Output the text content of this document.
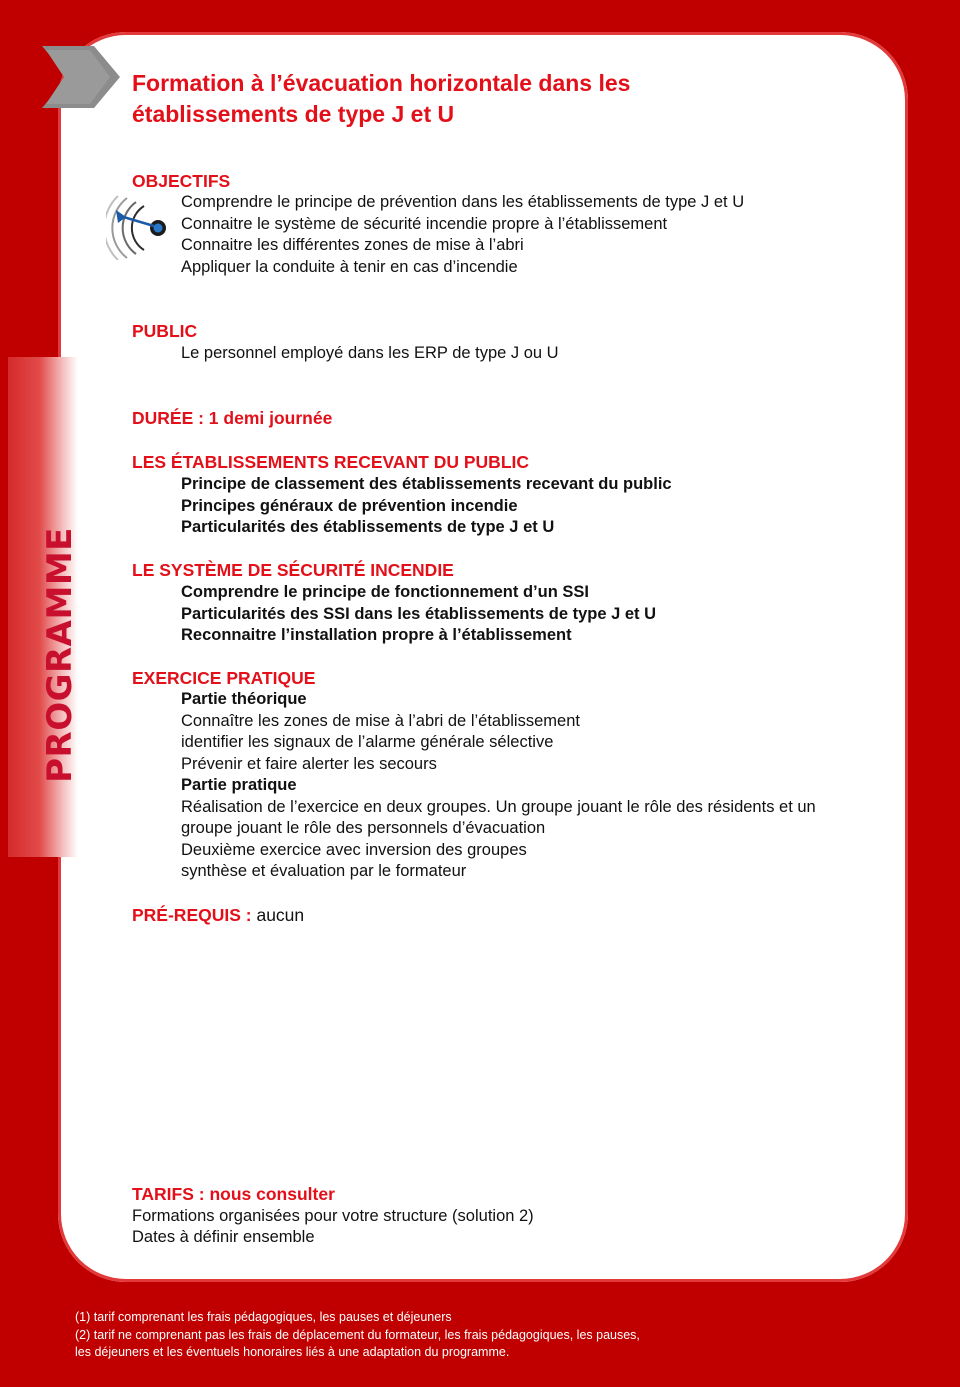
PROGRAMME
Formation à l’évacuation horizontale dans les
établissements de type J et U
OBJECTIFS
Comprendre le principe de prévention dans les établissements de type J et U
Connaitre le système de sécurité incendie propre à l’établissement
Connaitre les différentes zones de mise à l’abri
Appliquer la conduite à tenir en cas d’incendie
PUBLIC
Le personnel employé dans les ERP de type J ou U
DURÉE : 1 demi journée
LES ÉTABLISSEMENTS RECEVANT DU PUBLIC
Principe de classement des établissements recevant du public
Principes généraux de prévention incendie
Particularités des établissements de type J et U
LE SYSTÈME DE SÉCURITÉ INCENDIE
Comprendre le principe de fonctionnement d’un SSI
Particularités des SSI dans les établissements de type J et U
Reconnaitre l’installation propre à l’établissement
EXERCICE PRATIQUE
Partie théorique
Connaître les zones de mise à l’abri de l’établissement
identifier les signaux de l’alarme générale sélective
Prévenir et faire alerter les secours
Partie pratique
Réalisation de l’exercice en deux groupes. Un groupe jouant le rôle des résidents et un groupe jouant le rôle des personnels d’évacuation
Deuxième exercice avec inversion des groupes
synthèse et évaluation par le formateur
PRÉ-REQUIS : aucun
TARIFS : nous consulter

Formations organisées pour votre structure (solution 2)

Dates à définir ensemble

(1) tarif comprenant les frais pédagogiques, les pauses et déjeuners
(2) tarif ne comprenant pas les frais de déplacement du formateur, les frais pédagogiques, les pauses,
les déjeuners et les éventuels honoraires liés à une adaptation du programme.
